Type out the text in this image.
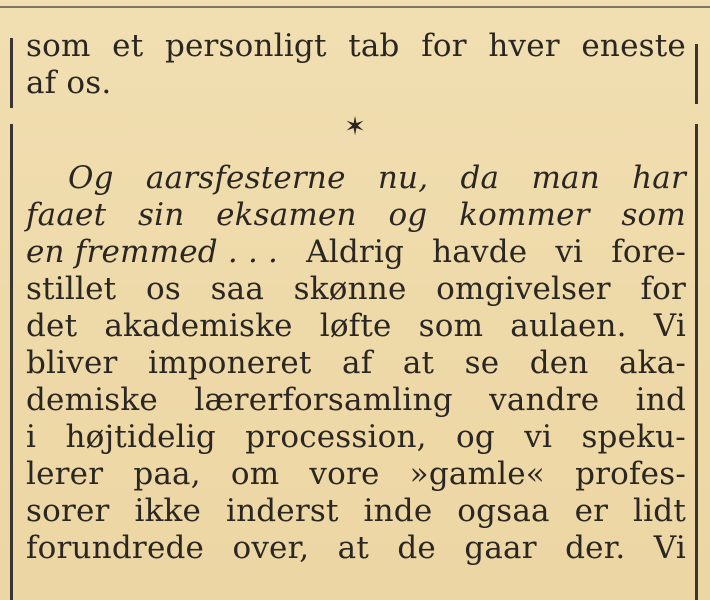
som et personligt tab for hver eneste
af os.
✶
Og aarsfesterne nu, da man har
faaet sin eksamen og kommer som
en fremmed . . . Aldrig havde vi fore-
stillet os saa skønne omgivelser for
det akademiske løfte som aulaen. Vi
bliver imponeret af at se den aka-
demiske lærerforsamling vandre ind
i højtidelig procession, og vi speku-
lerer paa, om vore »gamle« profes-
sorer ikke inderst inde ogsaa er lidt
forundrede over, at de gaar der. Vi
